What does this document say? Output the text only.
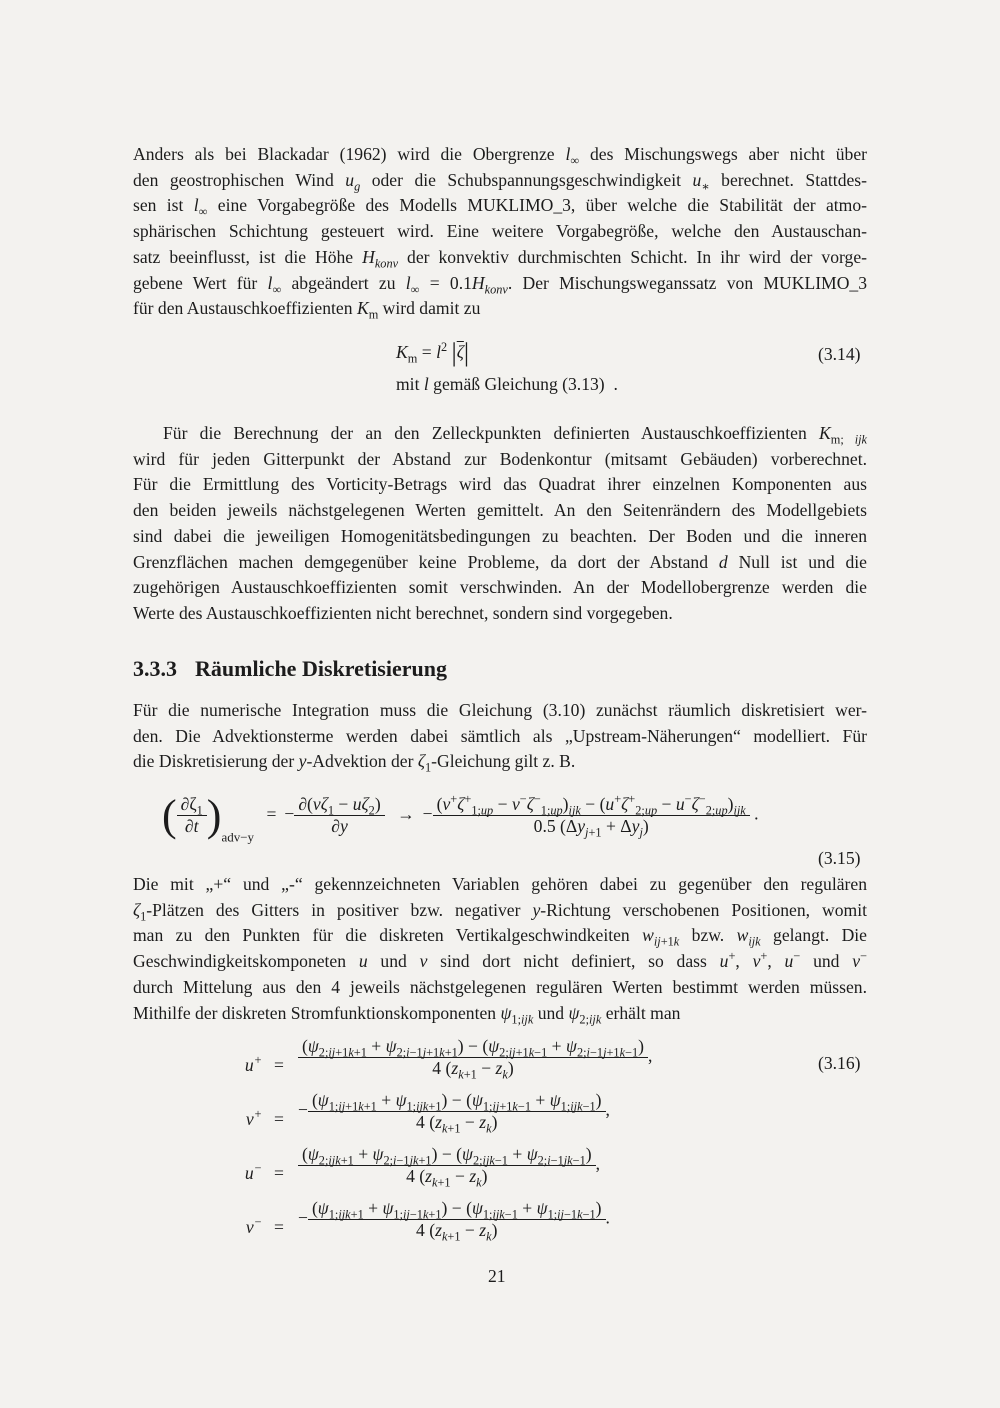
Anders als bei Blackadar (1962) wird die Obergrenze $l_\infty$ des Mischungswegs aber nicht über
den geostrophischen Wind $u_g$ oder die Schubspannungsgeschwindigkeit $u_∗$ berechnet. Stattdes-
sen ist $l_\infty$ eine Vorgabegröße des Modells MUKLIMO_3, über welche die Stabilität der atmo-
sphärischen Schichtung gesteuert wird. Eine weitere Vorgabegröße, welche den Austauschan-
satz beeinflusst, ist die Höhe $H_{konv}$ der konvektiv durchmischten Schicht. In ihr wird der vorge-
gebene Wert für $l_\infty$ abgeändert zu $l_\infty = 0.1H_{konv}$. Der Mischungsweganssatz von MUKLIMO_3
für den Austauschkoeffizienten $K_m$ wird damit zu
$K_m = l^2$ $|\overline{\zeta}|$
mit l gemäß Gleichung (3.13)  .
(3.14)
Für die Berechnung der an den Zelleckpunkten definierten Austauschkoeffizienten $K_{m; ijk}$
wird für jeden Gitterpunkt der Abstand zur Bodenkontur (mitsamt Gebäuden) vorberechnet.
Für die Ermittlung des Vorticity-Betrags wird das Quadrat ihrer einzelnen Komponenten aus
den beiden jeweils nächstgelegenen Werten gemittelt. An den Seitenrändern des Modellgebiets
sind dabei die jeweiligen Homogenitätsbedingungen zu beachten. Der Boden und die inneren
Grenzflächen machen demgegenüber keine Probleme, da dort der Abstand d Null ist und die
zugehörigen Austauschkoeffizienten somit verschwinden. An der Modellobergrenze werden die
Werte des Austauschkoeffizienten nicht berechnet, sondern sind vorgegeben.
3.3.3 Räumliche Diskretisierung
Für die numerische Integration muss die Gleichung (3.10) zunächst räumlich diskretisiert wer-
den. Die Advektionsterme werden dabei sämtlich als „Upstream-Näherungen“ modelliert. Für
die Diskretisierung der y-Advektion der $\zeta_1$-Gleichung gilt z. B.
( $\frac{\partial\zeta_1}{\partial t} )_{adv-y}$ = − $\frac{\partial(v\zeta_1 - u\zeta_2)}{\partial y}$ → − $\frac{(v^+\zeta^+_{1;up} - v^-\zeta^-_{1;up})_{ijk} - (u^+\zeta^+_{2;up} - u^-\zeta^-_{2;up})_{ijk}}{0.5 (\Delta y_{j+1} + \Delta y_j)}$ .
(3.15)
Die mit „+“ und „-“ gekennzeichneten Variablen gehören dabei zu gegenüber den regulären
$\zeta_1$-Plätzen des Gitters in positiver bzw. negativer y-Richtung verschobenen Positionen, womit
man zu den Punkten für die diskreten Vertikalgeschwindkeiten $w_{ij+1k}$ bzw. $w_{ijk}$ gelangt. Die
Geschwindigkeitskomponeten u und v sind dort nicht definiert, so dass u+, v+, u− und v−
durch Mittelung aus den 4 jeweils nächstgelegenen regulären Werten bestimmt werden müssen.
Mithilfe der diskreten Stromfunktionskomponenten $\psi_{1;ijk}$ und $\psi_{2;ijk}$ erhält man
$u^+ = \frac{(\psi_{2;ij+1k+1} + \psi_{2;i-1j+1k+1}) - (\psi_{2;ij+1k-1} + \psi_{2;i-1j+1k-1})}{4 (z_{k+1} - z_k)}$ ,
v+ = − $\frac{(\psi_{1;ij+1k+1} + \psi_{1;ijk+1}) - (\psi_{1;ij+1k-1} + \psi_{1;ijk-1})}{4 (z_{k+1} - z_k)}$ ,
$u^- = \frac{(\psi_{2;ijk+1} + \psi_{2;i-1jk+1}) - (\psi_{2;ijk-1} + \psi_{2;i-1jk-1})}{4 (z_{k+1} - z_k)}$ ,
v− = − $\frac{(\psi_{1;ijk+1} + \psi_{1;ij-1k+1}) - (\psi_{1;ijk-1} + \psi_{1;ij-1k-1})}{4 (z_{k+1} - z_k)}$ .
(3.16)
21
